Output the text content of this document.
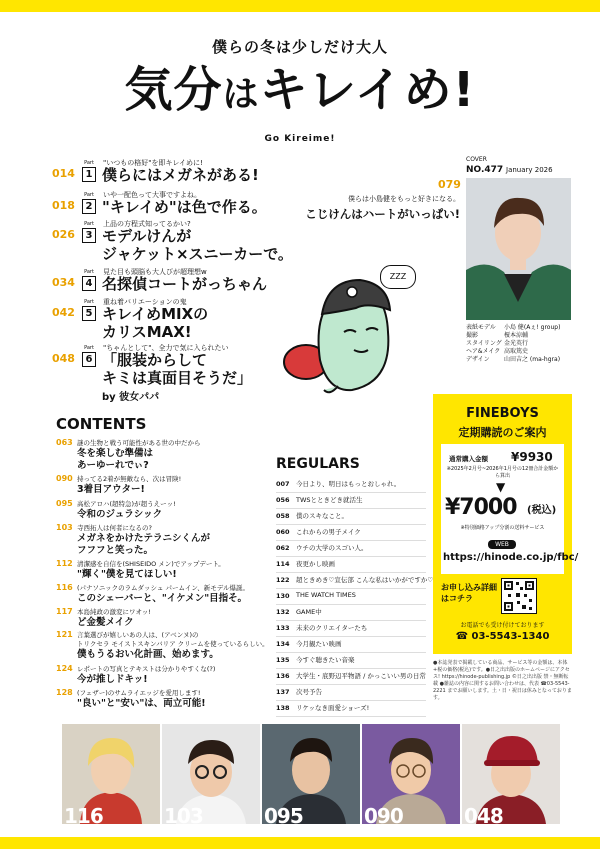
僕らの冬は少しだけ大人
気分はキレイめ!
Go Kireime!
014
Part
1
"いつもの格好"を即キレイめに!
僕らにはメガネがある!
018
Part
2
いや一配色って大事ですよね。
"キレイめ"は色で作る。
026
Part
3
上品の方程式知ってるかい?
モデルけんが
ジャケット×スニーカーで。
034
Part
4
見た目も頭脳も大人びが超理想w
名探偵コートがっちゃん
042
Part
5
重ね着バリエーションの鬼
キレイめMIXの
カリスMAX!
048
Part
6
"ちゃんとして"、全力で気に入られたい
「服装からして
キミは真面目そうだ」
by 彼女パパ
COVER
NO.477 January 2026
079
僕らは小島健をもっと好きになる。
こじけんはハートがいっぱい!
表紙モデル 小島 健(Aぇ! group)
撮影	榎本涼輔
スタイリング 金光英行
ヘア&メイク 高取篤史
デザイン 山田吉之 (ma-hgra)
ZZZ
CONTENTS
063 謎の生物と戦う可能性がある世の中だから
冬を楽しむ準備は
あーゆーれでぃ?
090 持ってる2着が無敵なら、次は冒険!
3着目アウター!
095 高松アロハ(超特急)が超うえーッ!
令和のジュラシック
103 寺西拓人は何者になるの?
メガネをかけたテラニシくんが
フフフと笑った。
112 清潔感を自信を(SHISEIDO メン)でアップデート。
"輝く"僕を見てほしい!
116 (パナソニックのラムダッシュ パームイン、新モデル爆誕。
このシェーバーと、"イケメン"目指そ。
117 本島純政の激変にワオッ!
ど金髪メイク
121 言葉選びが嬉しいあの人は、(アベンヌ)の
トリクセラ モイストスキンバリア クリームを使っているらしい。
僕もうるおい化計画、始めます。
124 レポートの写真とテキストは分かりやすくな(?)
今が推しドキッ!
128 (フェザー)のサムライエッジを愛用します!
"良い"と"安い"は、両立可能!
REGULARS
007 今日より、明日はもっとおしゃれ。
056 TWSとときどき就活生
058 僕のスキなこと。
060 これからの男子メイク
062 ウチの大学のスゴい人。
114 夜更かし映画
122 超ときめき♡宣伝部 こんな私はいかがですか♡
130 THE WATCH TIMES
132 GAME中
133 未来のクリエイターたち
134 今月観たい映画
135 今すぐ聴きたい音楽
136 大学生・底野辺平物語 / かっこいい男の日常
137 次号予告
138 リケッなき面愛ショーズ!
FINEBOYS
定期購読のご案内
通常購入金額 ¥9930
※2025年2月号~2026年1月号の12冊合計金額から算出
▼
¥7000 (税込)
※特別価格アップ分割の送料サービス
WEB
https://hinode.co.jp/fbc/
お申し込み詳細はコチラ
お電話でも受け付けております
☎ 03-5543-1340
●本誌発表で掲載している商品、サービス等の金額は、本体+税の価格(税込)です。●日之出出版のホームページにアクセス! https://hinode-publishing.jp ©日之出出版 禁・無断転載 ●雑誌の内容に関するお問い合わせは、代表 ☎03-5543-2221 までお願いします。土・日・祝日は休みとなっております。
116	103	095	090	048
